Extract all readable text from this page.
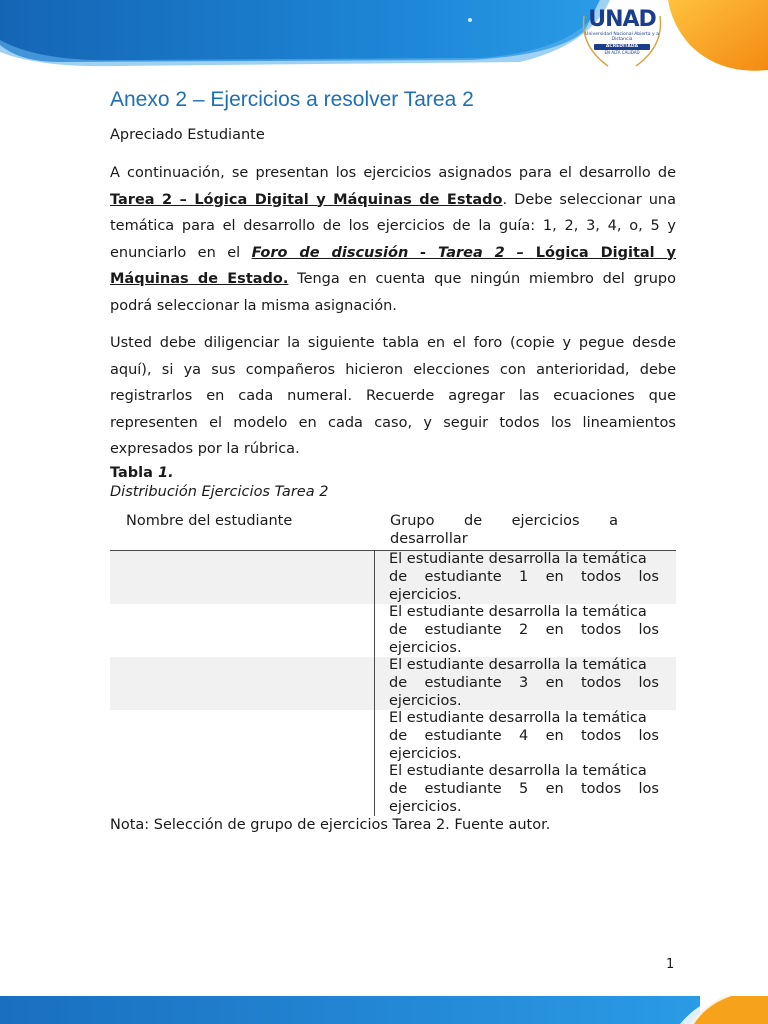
UNAD
Universidad Nacional Abierta y a Distancia
ACREDITADA
EN ALTA CALIDAD
Anexo 2 – Ejercicios a resolver Tarea 2
Apreciado Estudiante
A continuación, se presentan los ejercicios asignados para el desarrollo de Tarea 2 – Lógica Digital y Máquinas de Estado. Debe seleccionar una temática para el desarrollo de los ejercicios de la guía: 1, 2, 3, 4, o, 5 y enunciarlo en el Foro de discusión - Tarea 2 – Lógica Digital y Máquinas de Estado. Tenga en cuenta que ningún miembro del grupo podrá seleccionar la misma asignación.
Usted debe diligenciar la siguiente tabla en el foro (copie y pegue desde aquí), si ya sus compañeros hicieron elecciones con anterioridad, debe registrarlos en cada numeral. Recuerde agregar las ecuaciones que representen el modelo en cada caso, y seguir todos los lineamientos expresados por la rúbrica.
Tabla 1.
Distribución Ejercicios Tarea 2
Nombre del estudiante	Grupo de ejercicios a desarrollar
El estudiante desarrolla la temática
de estudiante 1 en todos los
ejercicios.
El estudiante desarrolla la temática
de estudiante 2 en todos los
ejercicios.
El estudiante desarrolla la temática
de estudiante 3 en todos los
ejercicios.
El estudiante desarrolla la temática
de estudiante 4 en todos los
ejercicios.
El estudiante desarrolla la temática
de estudiante 5 en todos los
ejercicios.
Nota: Selección de grupo de ejercicios Tarea 2. Fuente autor.
1
